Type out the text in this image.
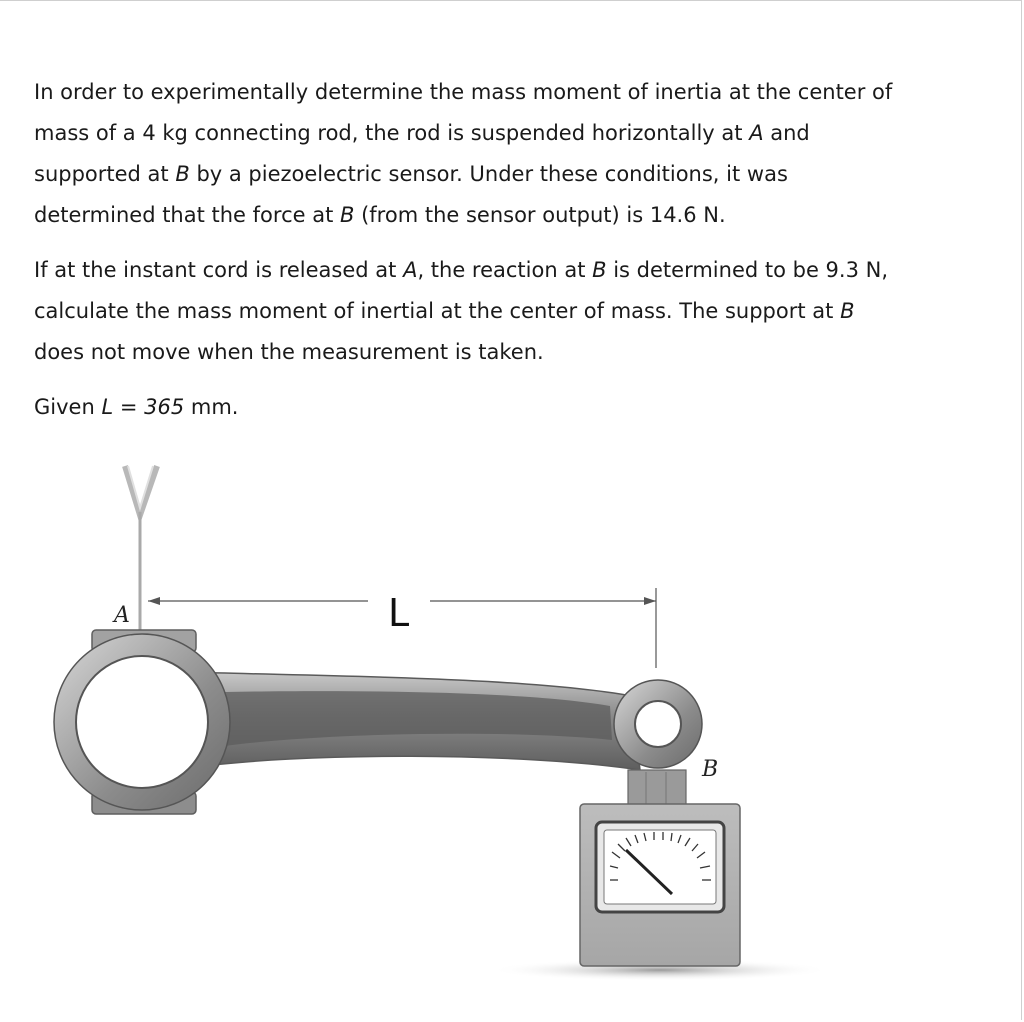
In order to experimentally determine the mass moment of inertia at the center of
mass of a 4 kg connecting rod, the rod is suspended horizontally at A and
supported at B by a piezoelectric sensor. Under these conditions, it was
determined that the force at B (from the sensor output) is 14.6 N.

If at the instant cord is released at A, the reaction at B is determined to be 9.3 N,
calculate the mass moment of inertial at the center of mass. The support at B
does not move when the measurement is taken.

Given L = 365 mm.

L
A
B
